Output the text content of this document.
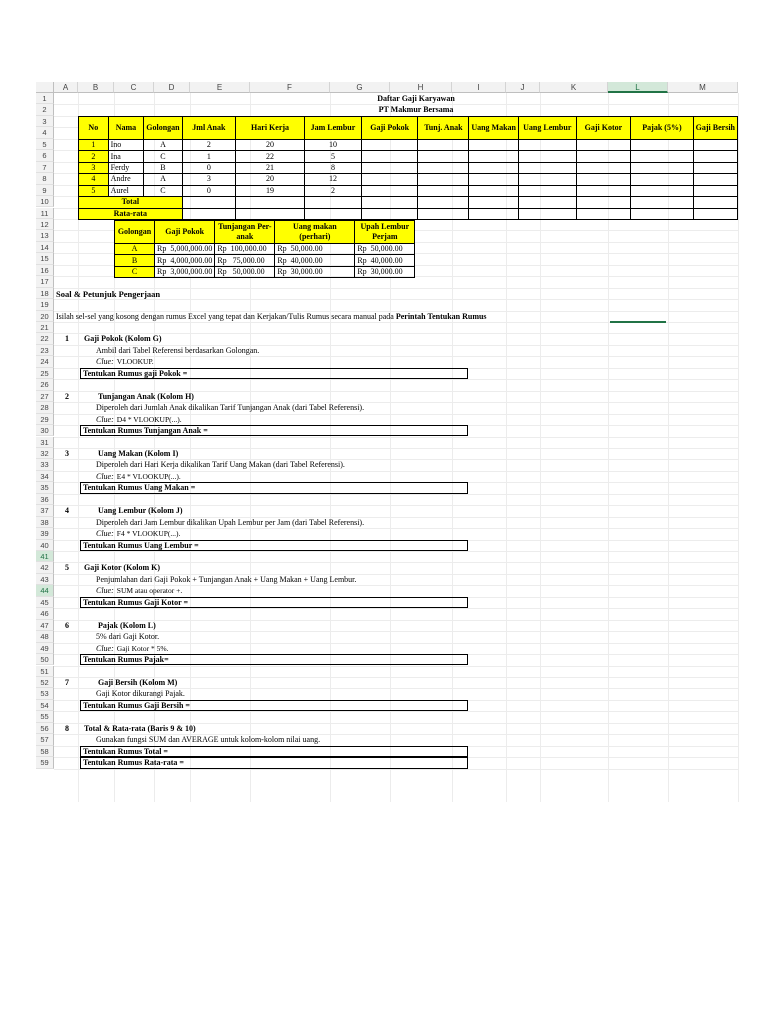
A	B	C	D	E	F	G	H	I	J	K	L	M
1
2
3
4
5
6
7
8
9
10
11
12
13
14
15
16
17
18
19
20
21
22
23
24
25
26
27
28
29
30
31
32
33
34
35
36
37
38
39
40
41
42
43
44
45
46
47
48
49
50
51
52
53
54
55
56
57
58
59
Daftar Gaji Karyawan
PT Makmur Bersama
No	Nama	Golongan	Jml Anak	Hari Kerja	Jam Lembur	Gaji Pokok	Tunj. Anak	Uang Makan	Uang Lembur	Gaji Kotor	Pajak (5%)	Gaji Bersih
1	Ino	A	2	20	10							
2	Ina	C	1	22	5							
3	Ferdy	B	0	21	8							
4	Andre	A	3	20	12							
5	Aurel	C	0	19	2							
Total												
Rata-rata												
Golongan	Gaji Pokok	Tunjangan Per-anak	Uang makan (perhari)	Upah Lembur Perjam
A	Rp  5,000,000.00	Rp  100,000.00	Rp  50,000.00	Rp  50,000.00
B	Rp  4,000,000.00	Rp   75,000.00	Rp  40,000.00	Rp  40,000.00
C	Rp  3,000,000.00	Rp   50,000.00	Rp  30,000.00	Rp  30,000.00
Soal & Petunjuk Pengerjaan
Isilah sel-sel yang kosong dengan rumus Excel yang tepat dan Kerjakan/Tulis Rumus secara manual pada Perintah Tentukan Rumus
1	Gaji Pokok (Kolom G)
Ambil dari Tabel Referensi berdasarkan Golongan.
Clue: VLOOKUP.
Tentukan Rumus gaji Pokok =
2	Tunjangan Anak (Kolom H)
Diperoleh dari Jumlah Anak dikalikan Tarif Tunjangan Anak (dari Tabel Referensi).
Clue: D4 * VLOOKUP(...).
Tentukan Rumus Tunjangan Anak =
3	Uang Makan (Kolom I)
Diperoleh dari Hari Kerja dikalikan Tarif Uang Makan (dari Tabel Referensi).
Clue: E4 * VLOOKUP(...).
Tentukan Rumus Uang Makan =
4	Uang Lembur (Kolom J)
Diperoleh dari Jam Lembur dikalikan Upah Lembur per Jam (dari Tabel Referensi).
Clue: F4 * VLOOKUP(...).
Tentukan Rumus Uang Lembur =
5	Gaji Kotor (Kolom K)
Penjumlahan dari Gaji Pokok + Tunjangan Anak + Uang Makan + Uang Lembur.
Clue: SUM atau operator +.
Tentukan Rumus Gaji Kotor =
6	Pajak (Kolom L)
5% dari Gaji Kotor.
Clue: Gaji Kotor * 5%.
Tentukan Rumus Pajak=
7	Gaji Bersih (Kolom M)
Gaji Kotor dikurangi Pajak.
Tentukan Rumus Gaji Bersih =
8	Total & Rata-rata (Baris 9 & 10)
Gunakan fungsi SUM dan AVERAGE untuk kolom-kolom nilai uang.
Tentukan Rumus Total =
Tentukan Rumus Rata-rata =
